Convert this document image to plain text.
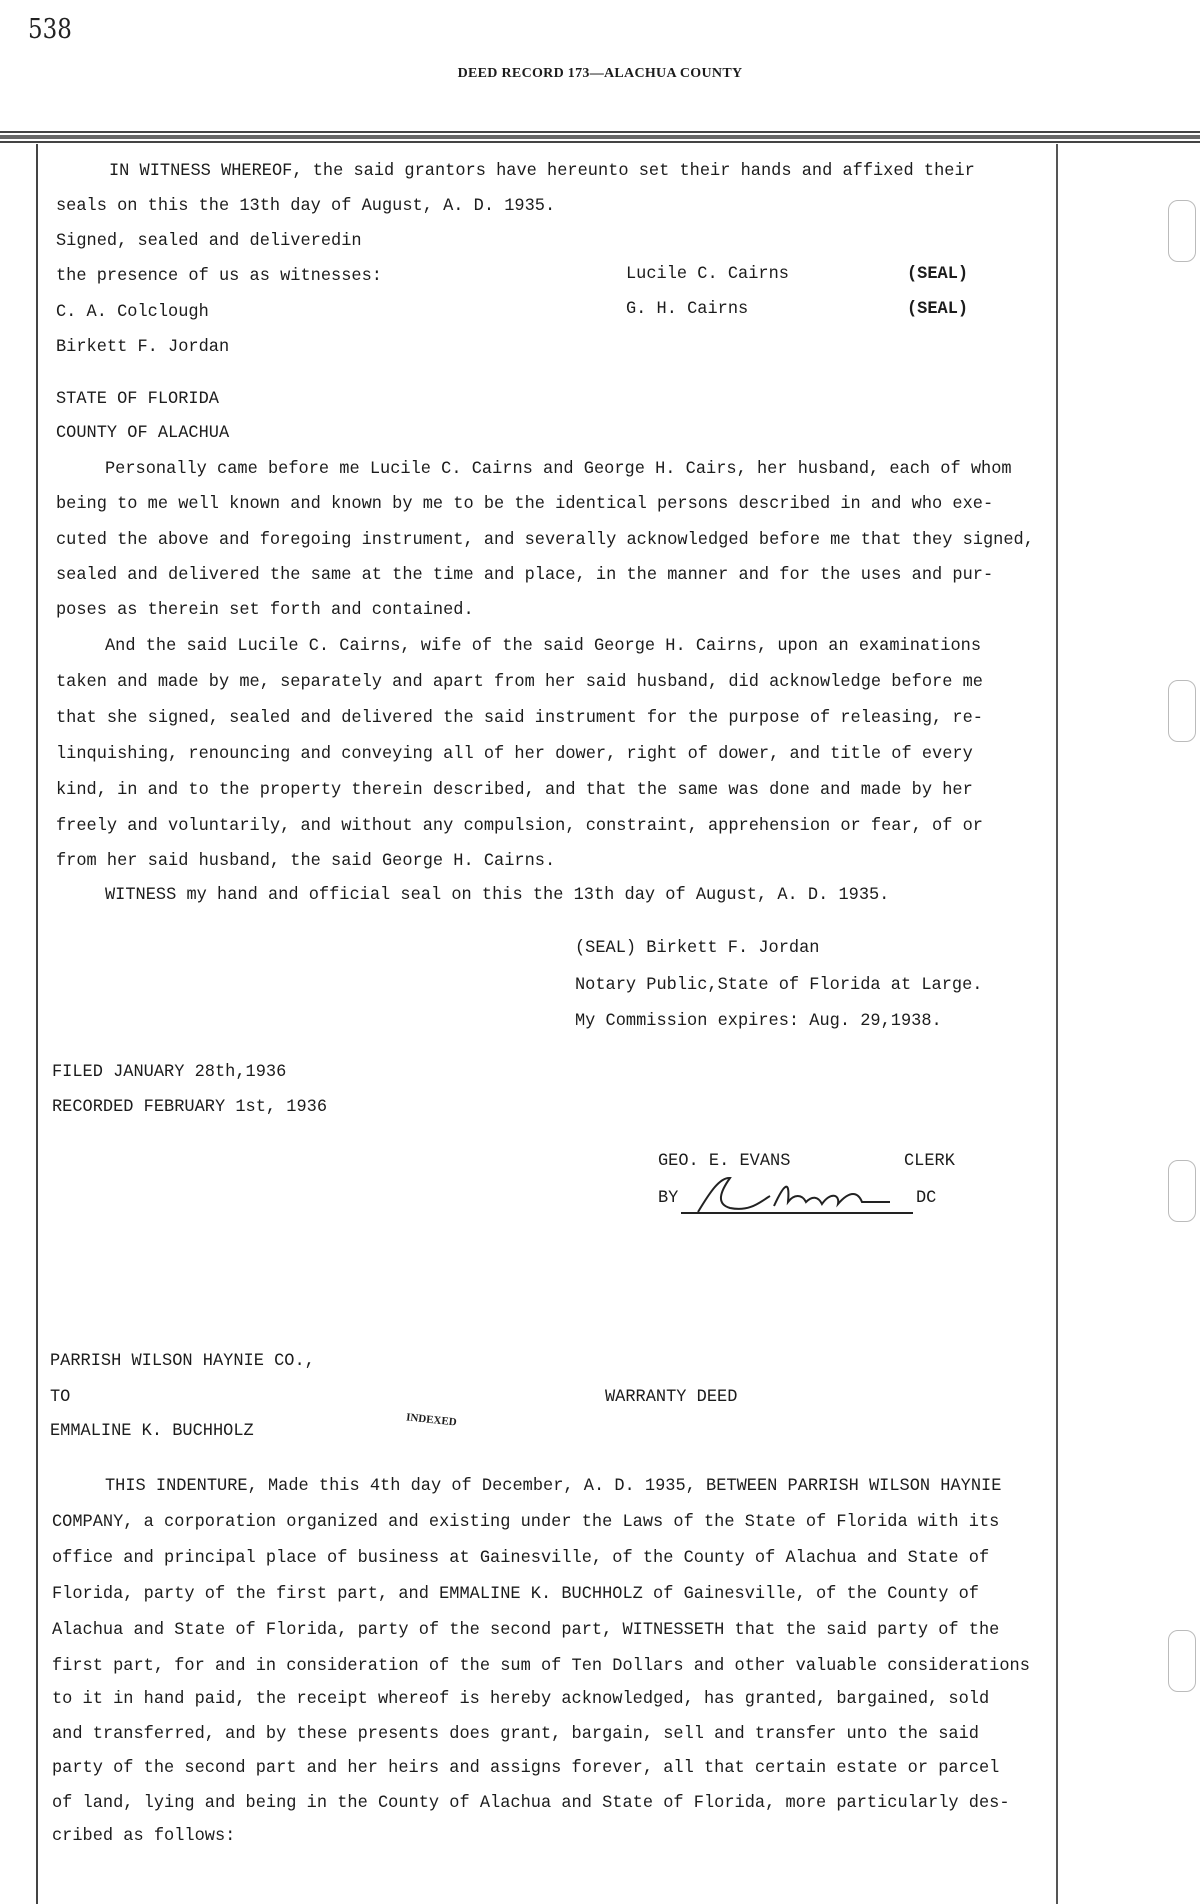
538
DEED RECORD 173—ALACHUA COUNTY
IN WITNESS WHEREOF, the said grantors have hereunto set their hands and affixed their
seals on this the 13th day of August, A. D. 1935.
Signed, sealed and deliveredin
the presence of us as witnesses:	Lucile C. Cairns	(SEAL)
C. A. Colclough	G. H. Cairns	(SEAL)
Birkett F. Jordan
STATE OF FLORIDA
COUNTY OF ALACHUA
Personally came before me Lucile C. Cairns and George H. Cairs, her husband, each of whom
being to me well known and known by me to be the identical persons described in and who exe-
cuted the above and foregoing instrument, and severally acknowledged before me that they signed,
sealed and delivered the same at the time and place, in the manner and for the uses and pur-
poses as therein set forth and contained.
And the said Lucile C. Cairns, wife of the said George H. Cairns, upon an examinations
taken and made by me, separately and apart from her said husband, did acknowledge before me
that she signed, sealed and delivered the said instrument for the purpose of releasing, re-
linquishing, renouncing and conveying all of her dower, right of dower, and title of every
kind, in and to the property therein described, and that the same was done and made by her
freely and voluntarily, and without any compulsion, constraint, apprehension or fear, of or
from her said husband, the said George H. Cairns.
WITNESS my hand and official seal on this the 13th day of August, A. D. 1935.
(SEAL) Birkett F. Jordan
Notary Public,State of Florida at Large.
My Commission expires: Aug. 29,1938.
FILED JANUARY 28th,1936
RECORDED FEBRUARY 1st, 1936
GEO. E. EVANS	CLERK
BY	DC
PARRISH WILSON HAYNIE CO.,
TO	WARRANTY DEED
EMMALINE K. BUCHHOLZ
INDEXED
THIS INDENTURE, Made this 4th day of December, A. D. 1935, BETWEEN PARRISH WILSON HAYNIE
COMPANY, a corporation organized and existing under the Laws of the State of Florida with its
office and principal place of business at Gainesville, of the County of Alachua and State of
Florida, party of the first part, and EMMALINE K. BUCHHOLZ of Gainesville, of the County of
Alachua and State of Florida, party of the second part, WITNESSETH that the said party of the
first part, for and in consideration of the sum of Ten Dollars and other valuable considerations
to it in hand paid, the receipt whereof is hereby acknowledged, has granted, bargained, sold
and transferred, and by these presents does grant, bargain, sell and transfer unto the said
party of the second part and her heirs and assigns forever, all that certain estate or parcel
of land, lying and being in the County of Alachua and State of Florida, more particularly des-
cribed as follows:
